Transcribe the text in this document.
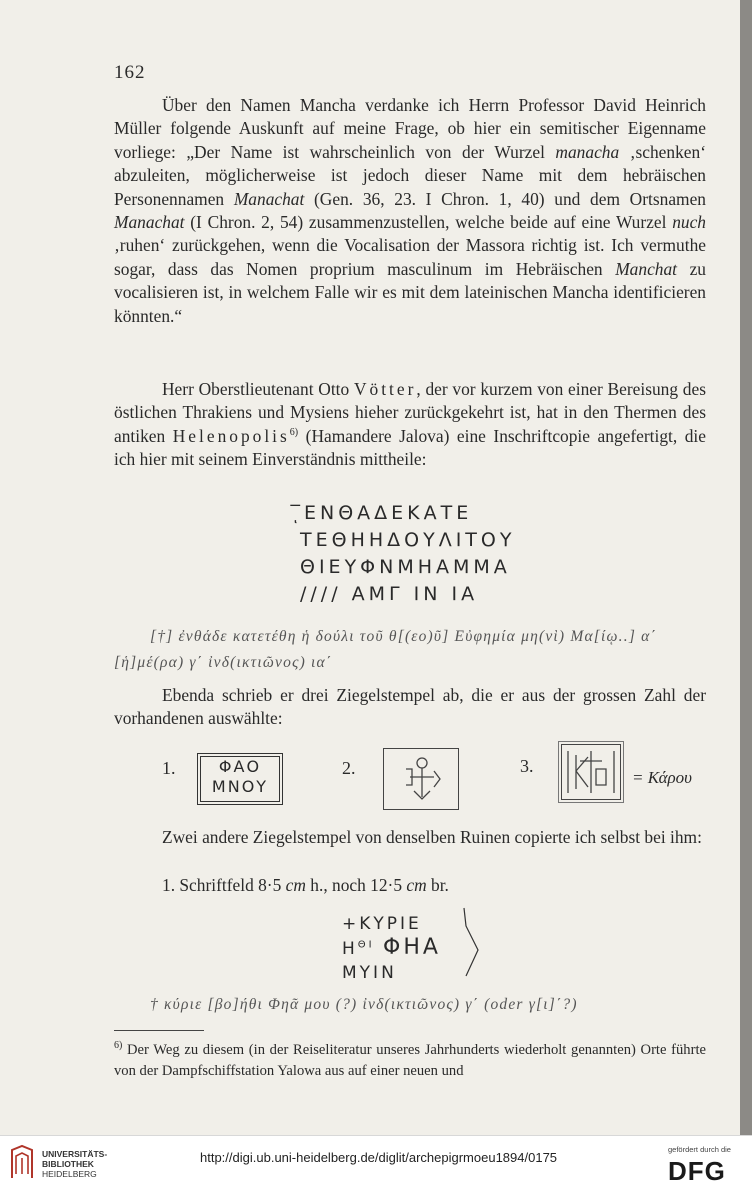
162

Über den Namen Mancha verdanke ich Herrn Professor David Heinrich Müller folgende Auskunft auf meine Frage, ob hier ein semitischer Eigenname vorliege: „Der Name ist wahrscheinlich von der Wurzel manacha ‚schenken‘ abzuleiten, möglicherweise ist jedoch dieser Name mit dem hebräischen Personennamen Manachat (Gen. 36, 23. I Chron. 1, 40) und dem Ortsnamen Manachat (I Chron. 2, 54) zusammenzustellen, welche beide auf eine Wurzel nuch ‚ruhen‘ zurückgehen, wenn die Vocalisation der Massora richtig ist. Ich vermuthe sogar, dass das Nomen proprium masculinum im Hebräischen Manchat zu vocalisieren ist, in welchem Falle wir es mit dem lateinischen Mancha identificieren könnten.“

Herr Oberstlieutenant Otto Vötter, der vor kurzem von einer Bereisung des östlichen Thrakiens und Mysiens hieher zurückgekehrt ist, hat in den Thermen des antiken Helenopolis$^{6)}$ (Hamandere Jalova) eine Inschriftcopie angefertigt, die ich hier mit seinem Einverständnis mittheile:

̅ͅΕΝΘΑΔΕΚΑΤΕ
ΤΕΘΗΗΔΟΥΛΙΤΟΥ
ΘΙΕΥΦΝΜΗΑΜΜΑ
//// ΑΜΓ ΙΝ ΙΑ
[†] ἐνθάδε κατετέθη ἡ δούλι τοῦ θ[(εο)ῦ] Εὐφημία μη(νὶ) Μα[ίῳ..] α΄
[ἡ]μέ(ρα) γ΄ ἰνδ(ικτιῶνος) ια΄

Ebenda schrieb er drei Ziegelstempel ab, die er aus der grossen Zahl der vorhandenen auswählte:

1.	ΦΑΟ
ΜΝΟΥ
2.	3.
= Κάρου

Zwei andere Ziegelstempel von denselben Ruinen copierte ich selbst bei ihm:

1. Schriftfeld 8·5 cm h., noch 12·5 cm br.

+ΚΥΡΙΕ
$H^{\Theta I}$ ΦΗΑ
ΜΥΙΝ
† κύριε [βο]ήθι Φηᾶ μου (?) ἰνδ(ικτιῶνος) γ΄ (oder γ[ι]΄?)

$^{6)}$ Der Weg zu diesem (in der Reiseliteratur unseres Jahrhunderts wiederholt genannten) Orte führte von der Dampfschiffstation Yalowa aus auf einer neuen und

UNIVERSITÄTS-
BIBLIOTHEK
HEIDELBERG
http://digi.ub.uni-heidelberg.de/diglit/archepigrmoeu1894/0175
gefördert durch die
DFG
